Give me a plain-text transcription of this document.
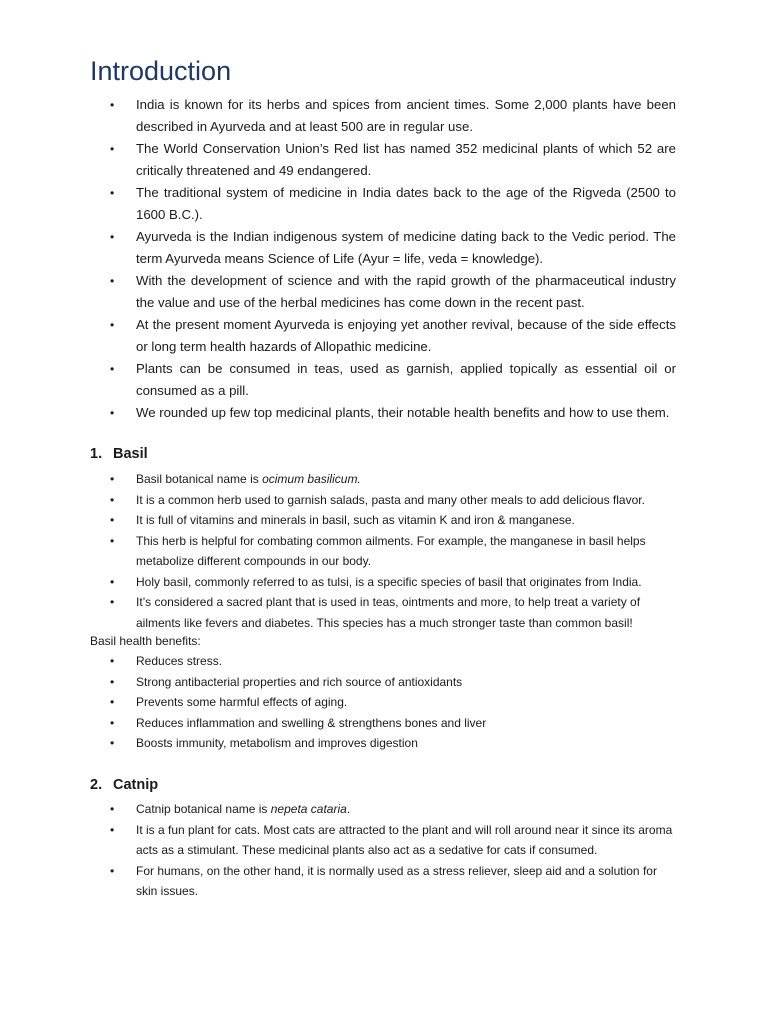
Introduction
• India is known for its herbs and spices from ancient times. Some 2,000 plants have been described in Ayurveda and at least 500 are in regular use.
• The World Conservation Union’s Red list has named 352 medicinal plants of which 52 are critically threatened and 49 endangered.
• The traditional system of medicine in India dates back to the age of the Rigveda (2500 to 1600 B.C.).
• Ayurveda is the Indian indigenous system of medicine dating back to the Vedic period. The term Ayurveda means Science of Life (Ayur = life, veda = knowledge).
• With the development of science and with the rapid growth of the pharmaceutical industry the value and use of the herbal medicines has come down in the recent past.
• At the present moment Ayurveda is enjoying yet another revival, because of the side effects or long term health hazards of Allopathic medicine.
• Plants can be consumed in teas, used as garnish, applied topically as essential oil or consumed as a pill.
• We rounded up few top medicinal plants, their notable health benefits and how to use them.
1. Basil
• Basil botanical name is ocimum basilicum.
• It is a common herb used to garnish salads, pasta and many other meals to add delicious flavor.
• It is full of vitamins and minerals in basil, such as vitamin K and iron & manganese.
• This herb is helpful for combating common ailments. For example, the manganese in basil helps metabolize different compounds in our body.
• Holy basil, commonly referred to as tulsi, is a specific species of basil that originates from India.
• It’s considered a sacred plant that is used in teas, ointments and more, to help treat a variety of ailments like fevers and diabetes. This species has a much stronger taste than common basil!

Basil health benefits:

• Reduces stress.
• Strong antibacterial properties and rich source of antioxidants
• Prevents some harmful effects of aging.
• Reduces inflammation and swelling & strengthens bones and liver
• Boosts immunity, metabolism and improves digestion
2. Catnip
• Catnip botanical name is nepeta cataria.
• It is a fun plant for cats. Most cats are attracted to the plant and will roll around near it since its aroma acts as a stimulant. These medicinal plants also act as a sedative for cats if consumed.
• For humans, on the other hand, it is normally used as a stress reliever, sleep aid and a solution for skin issues.
